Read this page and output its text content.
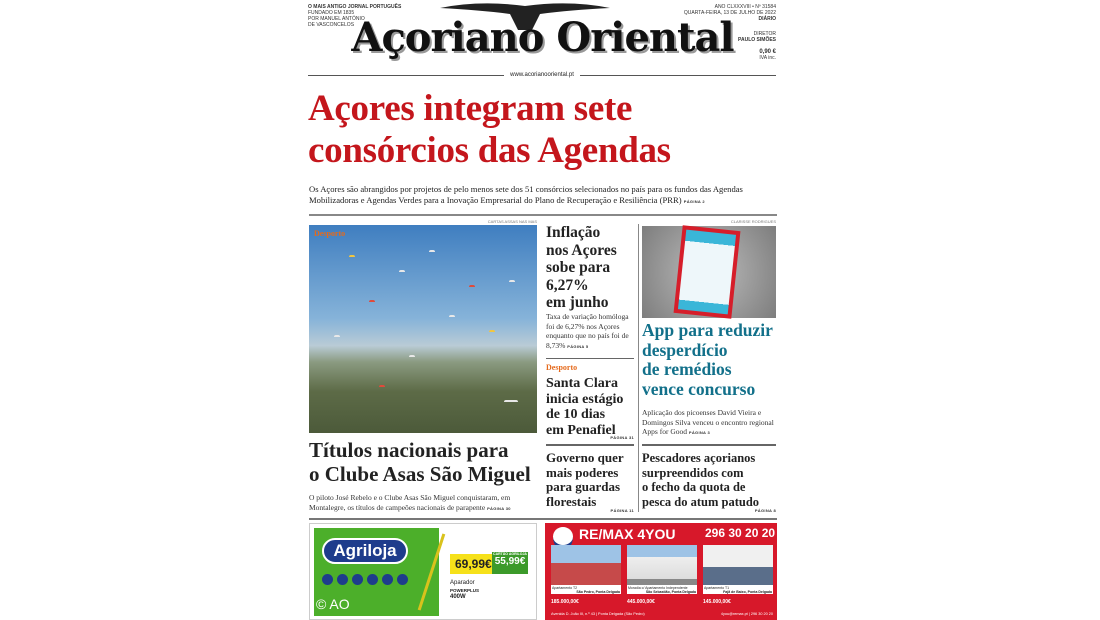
O MAIS ANTIGO JORNAL PORTUGUÊS
FUNDADO EM 1835
POR MANUEL ANTÓNIO
DE VASCONCELOS
Açoriano Oriental
ANO CLXXXVIII • Nº 31584
QUARTA-FEIRA, 13 DE JULHO DE 2022
DIÁRIO
DIRETOR
PAULO SIMÕES
0,90 €
IVA inc.
www.acorianooriental.pt
Açores integram sete
consórcios das Agendas
Os Açores são abrangidos por projetos de pelo menos sete dos 51 consórcios selecionados no país para os fundos das Agendas Mobilizadoras e Agendas Verdes para a Inovação Empresarial do Plano de Recuperação e Resiliência (PRR) PÁGINA 2
CARTAS ASSAS NAS MAS
Desporto
Títulos nacionais para
o Clube Asas São Miguel
O piloto José Rebelo e o Clube Asas São Miguel conquistaram, em Montalegre, os títulos de campeões nacionais de parapente PÁGINA 30
Inflação
nos Açores
sobe para
6,27%
em junho
Taxa de variação homóloga foi de 6,27% nos Açores enquanto que no país foi de 8,73% PÁGINA 5
Desporto
Santa Clara
inicia estágio
de 10 dias
em Penafiel
PÁGINA 31
Governo quer
mais poderes
para guardas
florestais
PÁGINA 11
CLARISSE RODRIGUES
App para reduzir
desperdício
de remédios
vence concurso
Aplicação dos picoenses David Vieira e Domingos Silva venceu o encontro regional Apps for Good PÁGINA 3
Pescadores açorianos
surpreendidos com
o fecho da quota de
pesca do atum patudo
PÁGINA 8
Agriloja
© AO
69,99€
CARTÃO AGRILOJA
55,99€
Aparador
POWERPLUS
400W
RE/MAX 4YOU 296 30 20 20
Apartamento T2
São Pedro, Ponta Delgada
185.000,00€
Moradia c/ Apartamento Independente
São Sebastião, Ponta Delgada
445.000,00€
Apartamento T1
Fajã de Baixo, Ponta Delgada
145.000,00€
Avenida D. João III, n.º 43 | Ponta Delgada (São Pedro)	4you@remax.pt | 296 30 20 20
